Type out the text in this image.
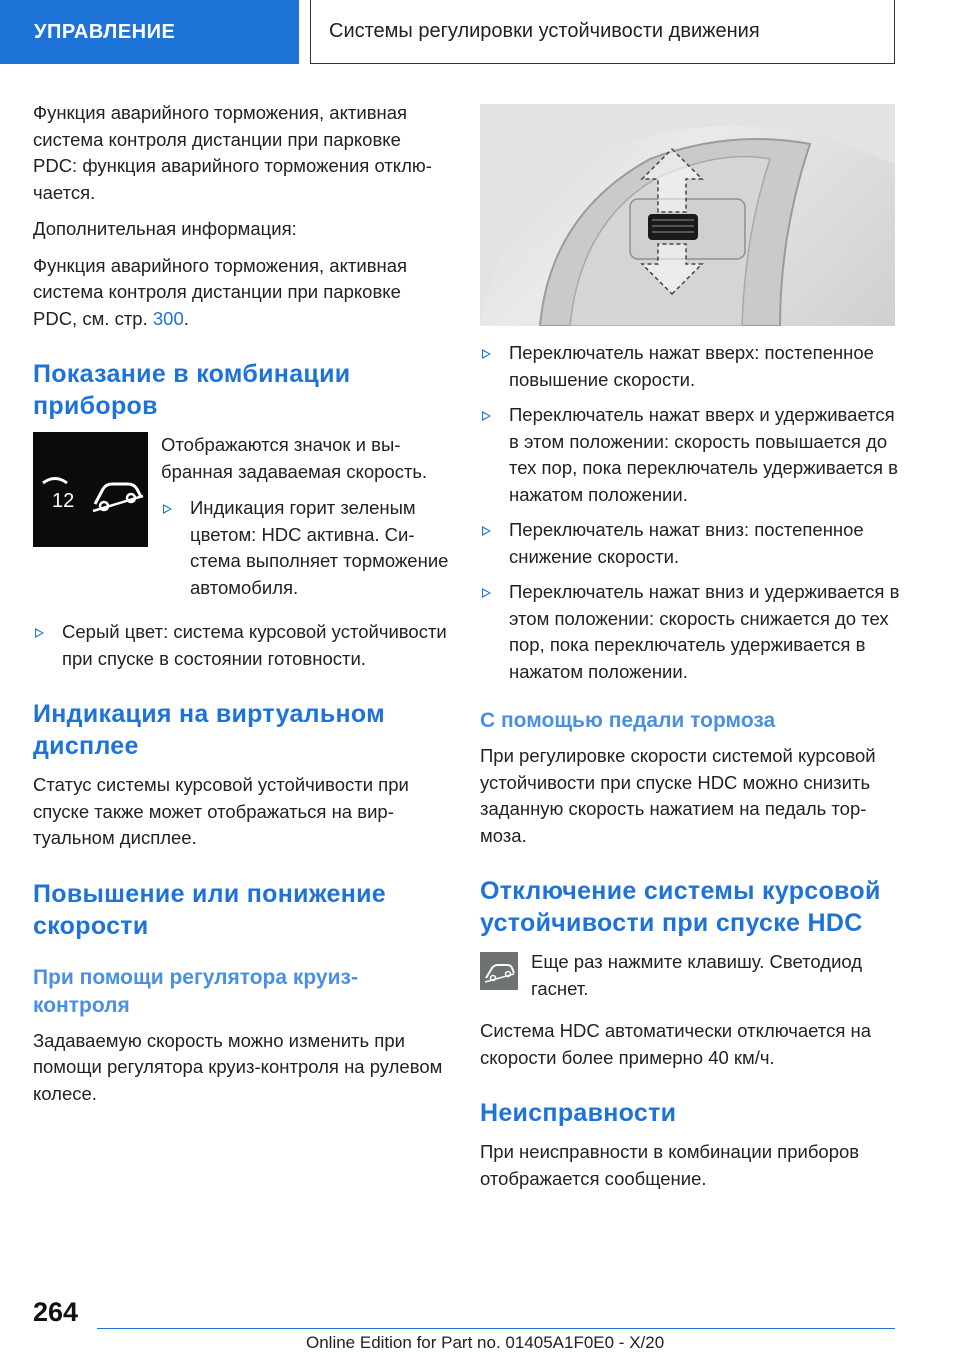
УПРАВЛЕНИЕ	Системы регулировки устойчивости движения

Функция аварийного торможения, активная система контроля дистанции при парковке PDC: функция аварийного торможения отключается.

Дополнительная информация:

Функция аварийного торможения, активная система контроля дистанции при парковке PDC, см. стр. 300.

Показание в комбинации приборов
12

Отображаются значок и выбранная задаваемая скорость.

Индикация горит зеленым цветом: HDC активна. Система выполняет торможение автомобиля.
Серый цвет: система курсовой устойчивости при спуске в состоянии готовности.
Индикация на виртуальном дисплее

Статус системы курсовой устойчивости при спуске также может отображаться на виртуальном дисплее.

Повышение или понижение скорости
При помощи регулятора круиз-контроля

Задаваемую скорость можно изменить при помощи регулятора круиз-контроля на рулевом колесе.

Переключатель нажат вверх: постепенное повышение скорости.
Переключатель нажат вверх и удерживается в этом положении: скорость повышается до тех пор, пока переключатель удерживается в нажатом положении.
Переключатель нажат вниз: постепенное снижение скорости.
Переключатель нажат вниз и удерживается в этом положении: скорость снижается до тех пор, пока переключатель удерживается в нажатом положении.
С помощью педали тормоза

При регулировке скорости системой курсовой устойчивости при спуске HDC можно снизить заданную скорость нажатием на педаль тормоза.

Отключение системы курсовой устойчивости при спуске HDC

Еще раз нажмите клавишу. Светодиод гаснет.

Система HDC автоматически отключается на скорости более примерно 40 км/ч.

Неисправности

При неисправности в комбинации приборов отображается сообщение.

264
Online Edition for Part no. 01405A1F0E0 - X/20
